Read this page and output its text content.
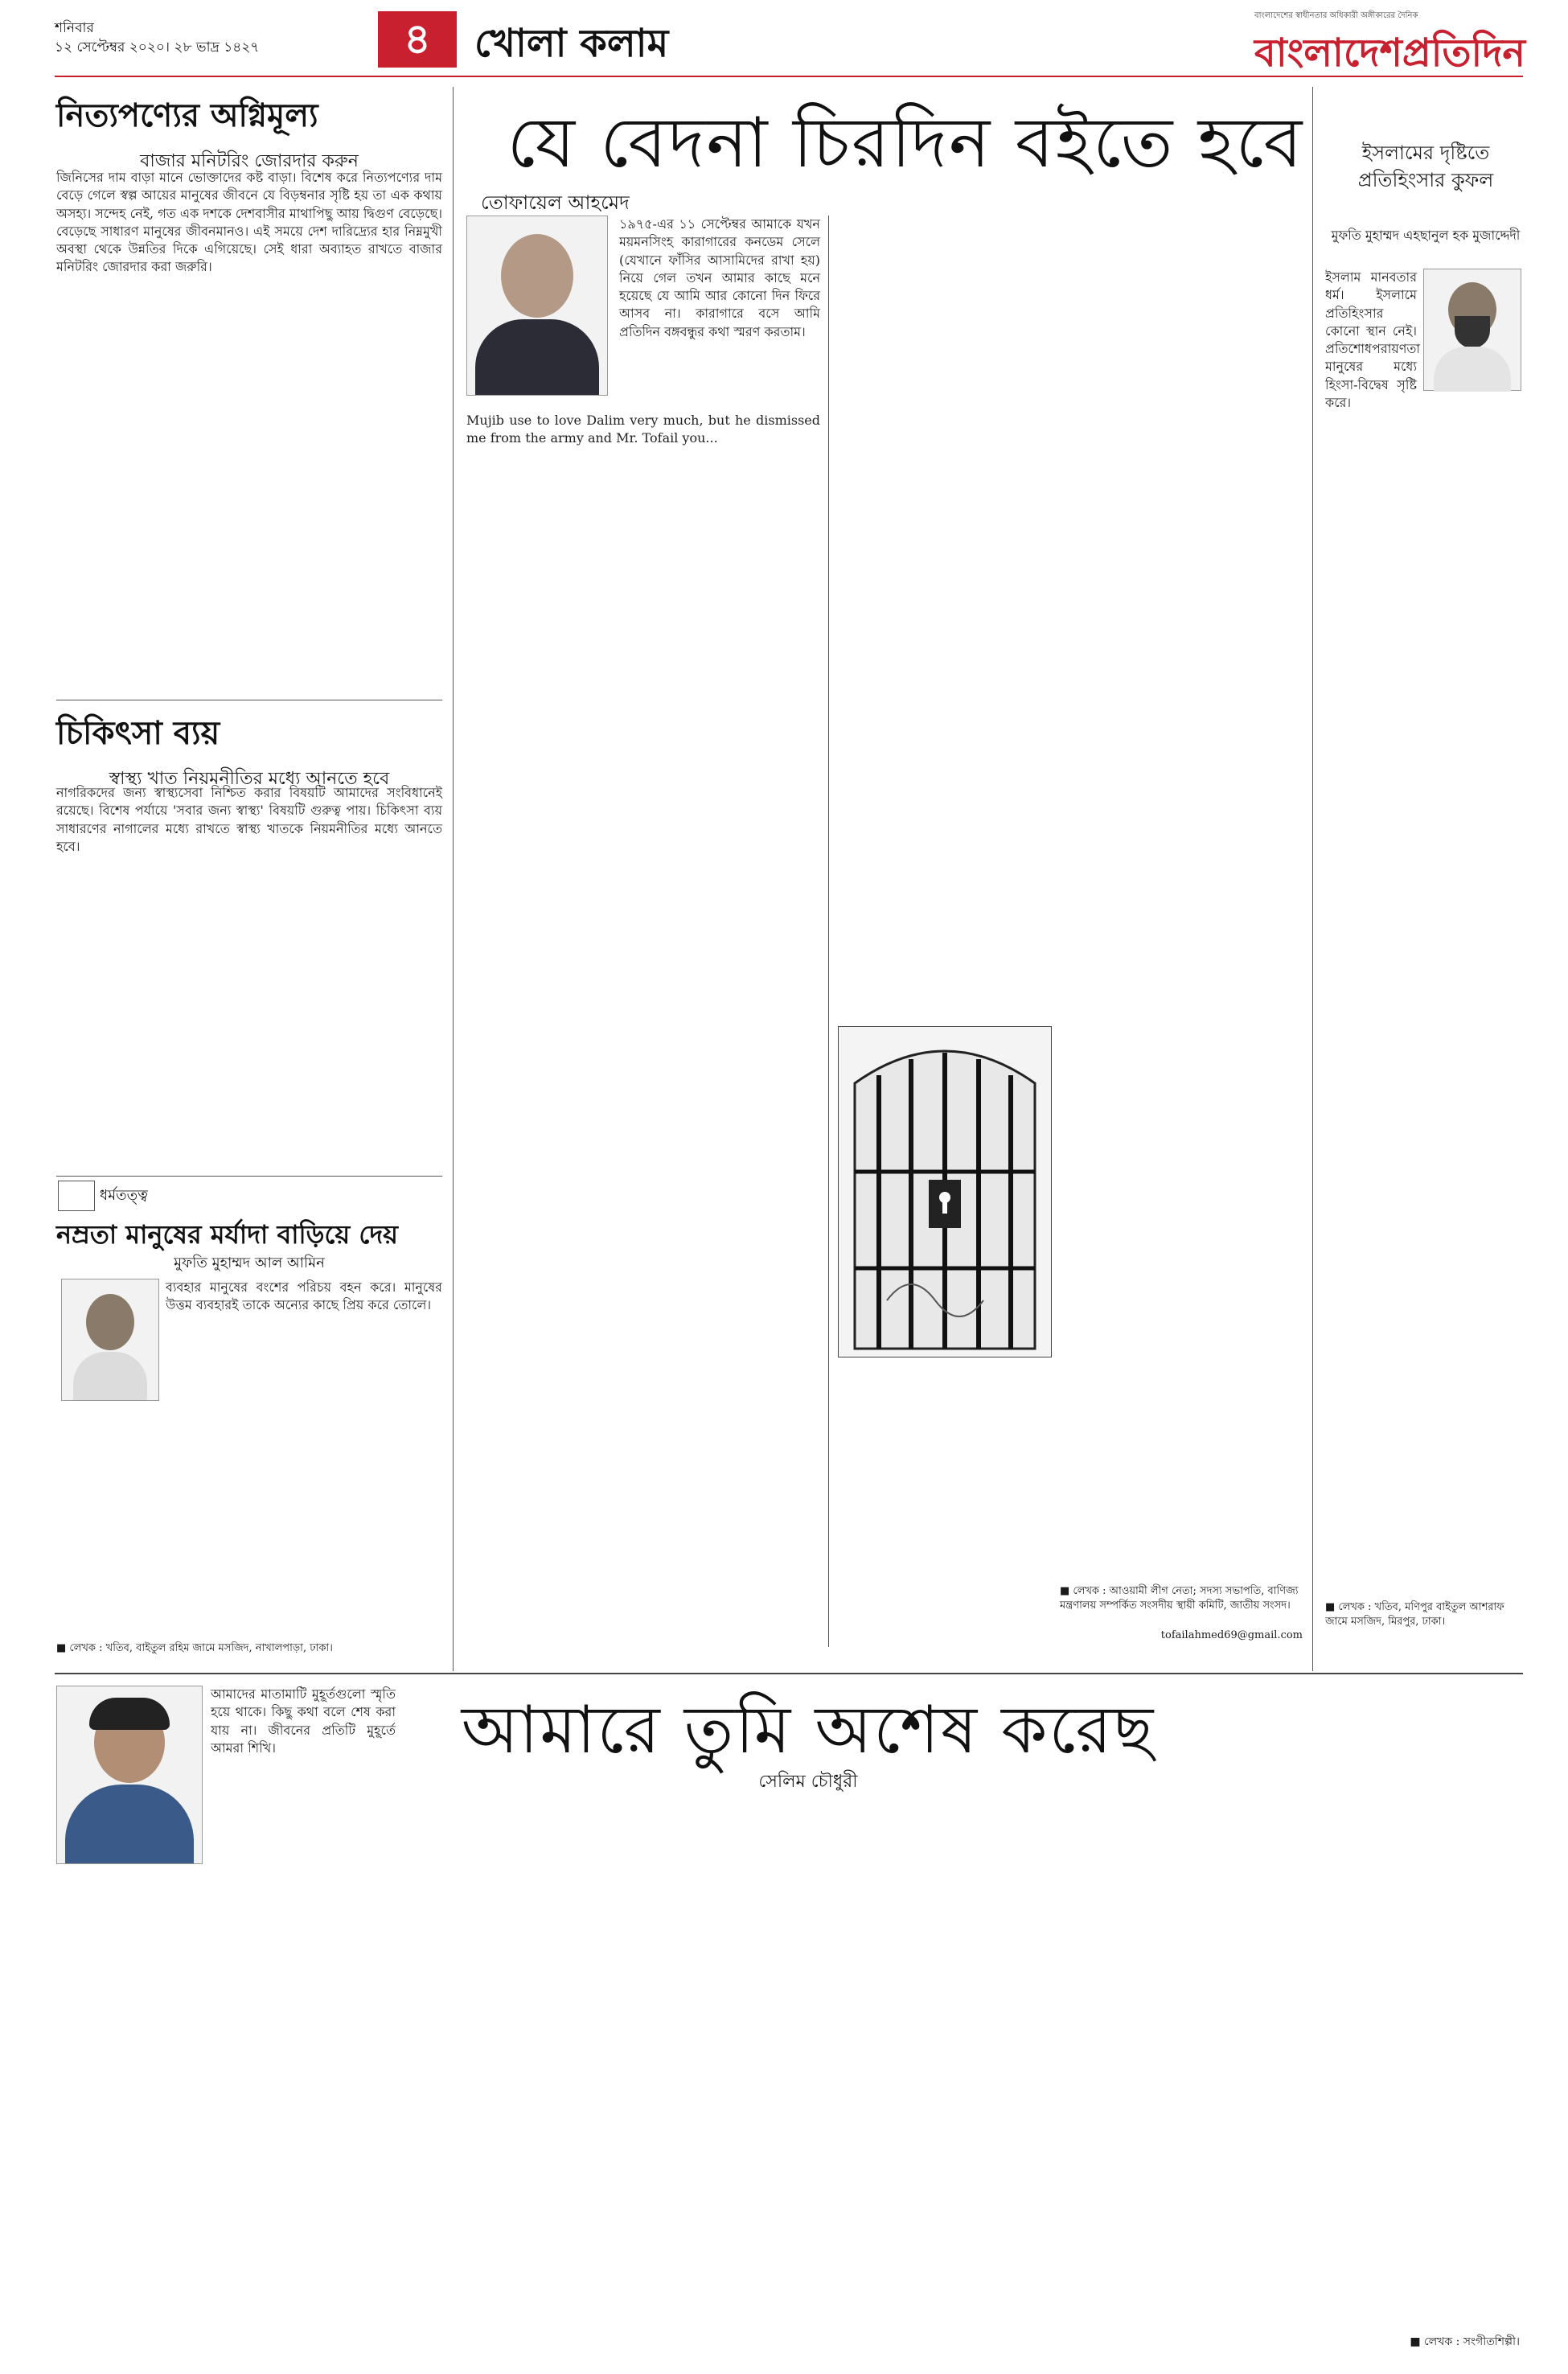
শনিবার
১২ সেপ্টেম্বর ২০২০। ২৮ ভাদ্র ১৪২৭	৪	খোলা কলাম
বাংলাদেশের স্বাধীনতার অধিকারী অঙ্গীকারের দৈনিক
বাংলাদেশপ্রতিদিন
নিত্যপণ্যের অগ্নিমূল্য
বাজার মনিটরিং জোরদার করুন
জিনিসের দাম বাড়া মানে ভোক্তাদের কষ্ট বাড়া। বিশেষ করে নিত্যপণ্যের দাম বেড়ে গেলে স্বল্প আয়ের মানুষের জীবনে যে বিড়ম্বনার সৃষ্টি হয় তা এক কথায় অসহ্য। সন্দেহ নেই, গত এক দশকে দেশবাসীর মাথাপিছু আয় দ্বিগুণ বেড়েছে। বেড়েছে সাধারণ মানুষের জীবনমানও। এই সময়ে দেশ দারিদ্র্যের হার নিম্নমুখী অবস্থা থেকে উন্নতির দিকে এগিয়েছে। সেই ধারা অব্যাহত রাখতে বাজার মনিটরিং জোরদার করা জরুরি।
চিকিৎসা ব্যয়
স্বাস্থ্য খাত নিয়মনীতির মধ্যে আনতে হবে
নাগরিকদের জন্য স্বাস্থ্যসেবা নিশ্চিত করার বিষয়টি আমাদের সংবিধানেই রয়েছে। বিশেষ পর্যায়ে 'সবার জন্য স্বাস্থ্য' বিষয়টি গুরুত্ব পায়। চিকিৎসা ব্যয় সাধারণের নাগালের মধ্যে রাখতে স্বাস্থ্য খাতকে নিয়মনীতির মধ্যে আনতে হবে।
ধর্মতত্ত্ব
নম্রতা মানুষের মর্যাদা বাড়িয়ে দেয়
মুফতি মুহাম্মদ আল আমিন
ব্যবহার মানুষের বংশের পরিচয় বহন করে। মানুষের উত্তম ব্যবহারই তাকে অন্যের কাছে প্রিয় করে তোলে।
■ লেখক : খতিব, বাইতুল রহিম জামে মসজিদ, নাখালপাড়া, ঢাকা।
যে বেদনা চিরদিন বইতে হবে
তোফায়েল আহমেদ
১৯৭৫-এর ১১ সেপ্টেম্বর আমাকে যখন ময়মনসিংহ কারাগারের কনডেম সেলে (যেখানে ফাঁসির আসামিদের রাখা হয়) নিয়ে গেল তখন আমার কাছে মনে হয়েছে যে আমি আর কোনো দিন ফিরে আসব না। কারাগারে বসে আমি প্রতিদিন বঙ্গবন্ধুর কথা স্মরণ করতাম।
Mujib use to love Dalim very much, but he dismissed me from the army and Mr. Tofail you...
■ লেখক : আওয়ামী লীগ নেতা; সদস্য সভাপতি, বাণিজ্য মন্ত্রণালয় সম্পর্কিত সংসদীয় স্থায়ী কমিটি, জাতীয় সংসদ।
tofailahmed69@gmail.com
ইসলামের দৃষ্টিতে
প্রতিহিংসার কুফল
মুফতি মুহাম্মদ এহছানুল হক মুজাদ্দেদী
ইসলাম মানবতার ধর্ম। ইসলামে প্রতিহিংসার কোনো স্থান নেই। প্রতিশোধপরায়ণতা মানুষের মধ্যে হিংসা-বিদ্বেষ সৃষ্টি করে।
■ লেখক : খতিব, মণিপুর বাইতুল আশরাফ জামে মসজিদ, মিরপুর, ঢাকা।
আমাদের মাতামাটি মুহূর্তগুলো স্মৃতি হয়ে থাকে। কিছু কথা বলে শেষ করা যায় না। জীবনের প্রতিটি মুহূর্তে আমরা শিখি।	আমারে তুমি অশেষ করেছ
সেলিম চৌধুরী
■ লেখক : সংগীতশিল্পী।
